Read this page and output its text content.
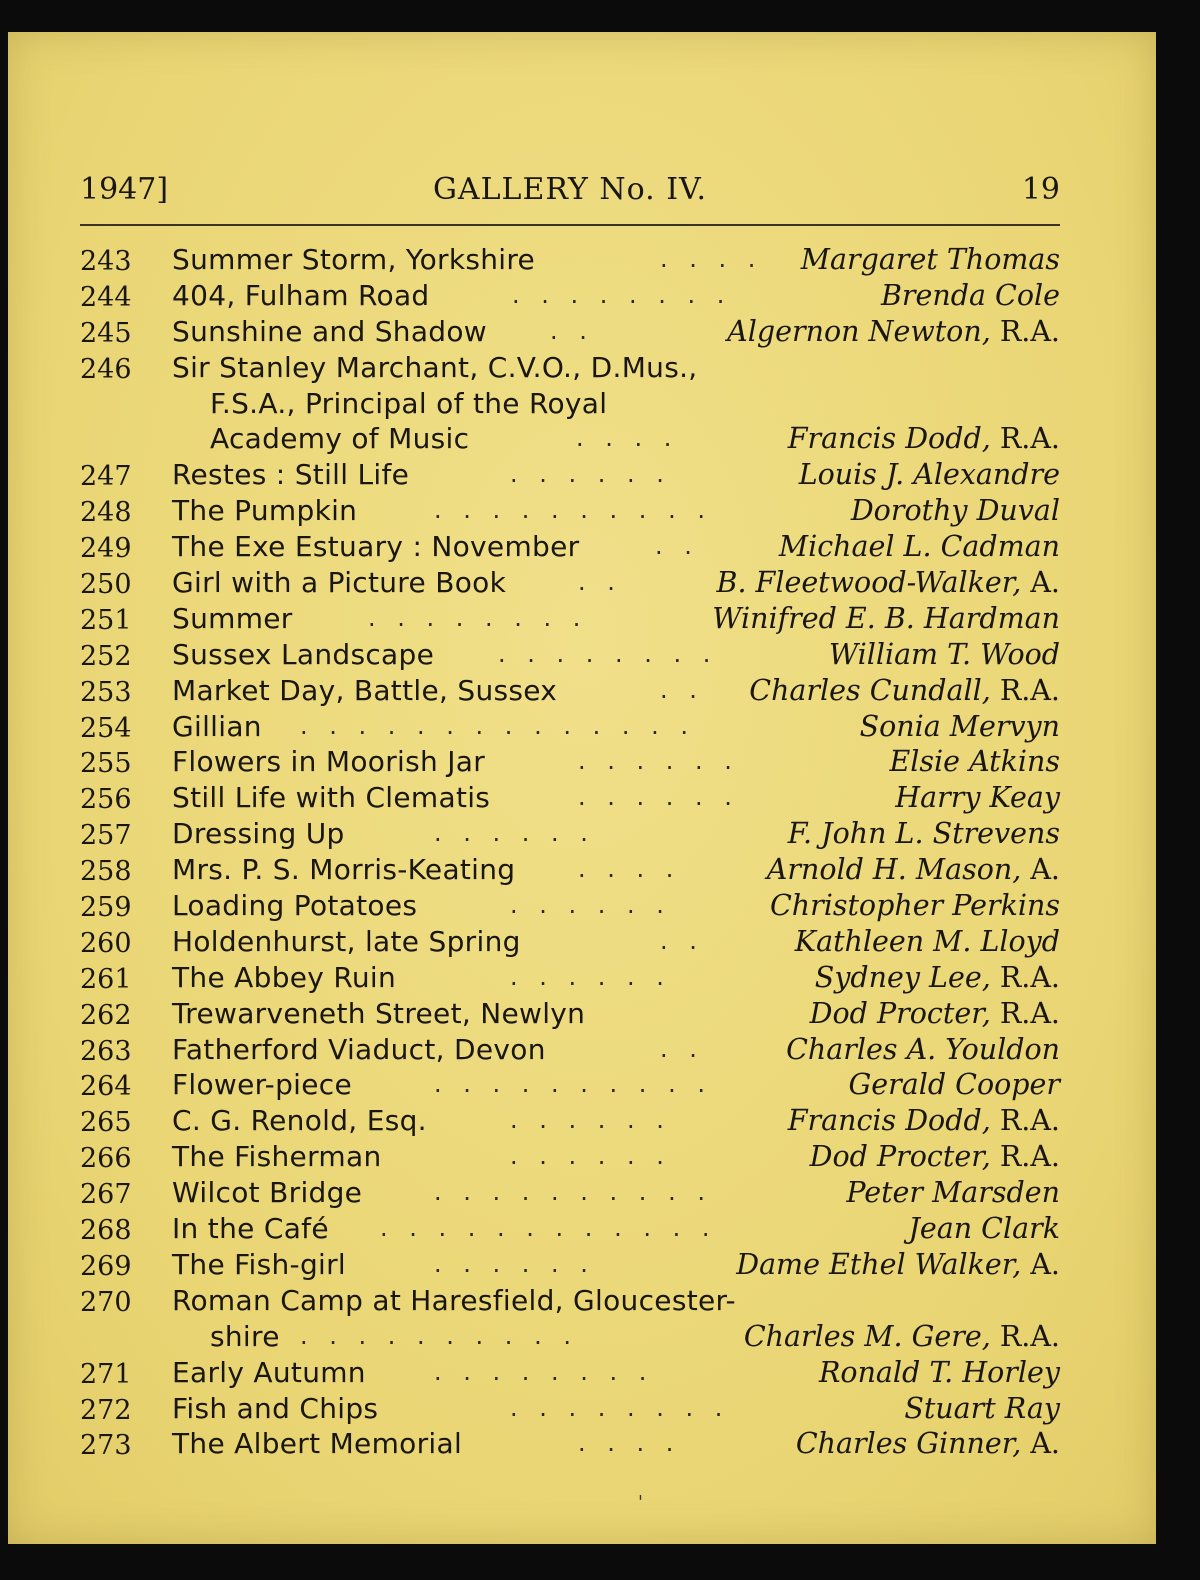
1947]	GALLERY No. IV.	19
243	Summer Storm, Yorkshire	. . . . Margaret Thomas
244	404, Fulham Road	. . . . . . . .	Brenda Cole
245	Sunshine and Shadow	. .	Algernon Newton, R.A.
246	Sir Stanley Marchant, C.V.O., D.Mus.,
F.S.A., Principal of the Royal
Academy of Music	. . . .	Francis Dodd, R.A.
247	Restes : Still Life	. . . . . .	Louis J. Alexandre
248	The Pumpkin	. . . . . . . . . .	Dorothy Duval
249	The Exe Estuary : November	. .	Michael L. Cadman
250	Girl with a Picture Book	. .	B. Fleetwood-Walker, A.
251	Summer	. . . . . . . .	Winifred E. B. Hardman
252	Sussex Landscape	. . . . . . . .	William T. Wood
253	Market Day, Battle, Sussex	. . Charles Cundall, R.A.
254	Gillian . . . . . . . . . . . . . .	Sonia Mervyn
255	Flowers in Moorish Jar	. . . . . .	Elsie Atkins
256	Still Life with Clematis	. . . . . .	Harry Keay
257	Dressing Up	. . . . . .	F. John L. Strevens
258	Mrs. P. S. Morris-Keating	. . . .	Arnold H. Mason, A.
259	Loading Potatoes	. . . . . .	Christopher Perkins
260	Holdenhurst, late Spring	. .	Kathleen M. Lloyd
261	The Abbey Ruin	. . . . . .	Sydney Lee, R.A.
262	Trewarveneth Street, Newlyn	Dod Procter, R.A.
263	Fatherford Viaduct, Devon	. .	Charles A. Youldon
264	Flower-piece	. . . . . . . . . .	Gerald Cooper
265	C. G. Renold, Esq.	. . . . . .	Francis Dodd, R.A.
266	The Fisherman	. . . . . .	Dod Procter, R.A.
267	Wilcot Bridge	. . . . . . . . . .	Peter Marsden
268	In the Café . . . . . . . . . . . .	Jean Clark
269	The Fish-girl	. . . . . .	Dame Ethel Walker, A.
270	Roman Camp at Haresfield, Gloucester-
shire . . . . . . . . . .	Charles M. Gere, R.A.
271	Early Autumn	. . . . . . . .	Ronald T. Horley
272	Fish and Chips	. . . . . . . .	Stuart Ray
273	The Albert Memorial	. . . .	Charles Ginner, A.
'
